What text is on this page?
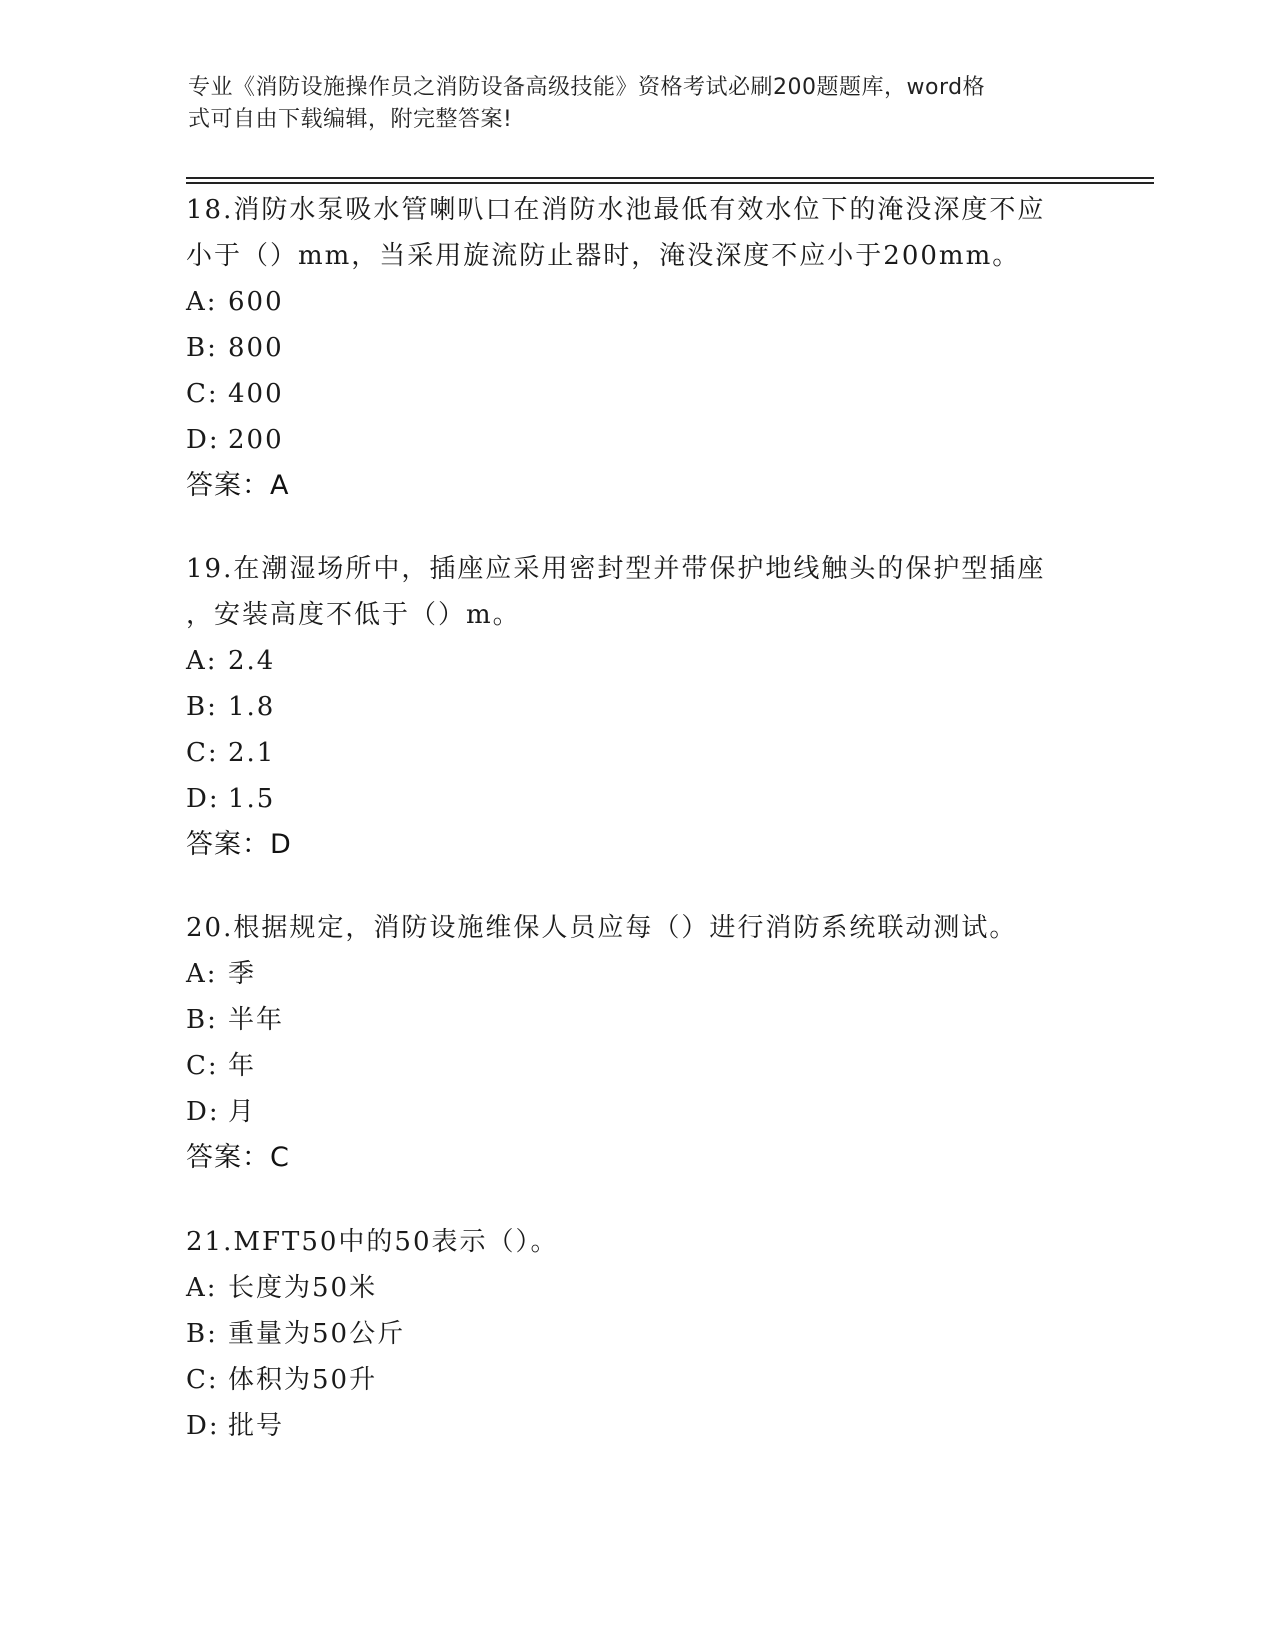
专业《消防设施操作员之消防设备高级技能》资格考试必刷200题题库，word格
式可自由下载编辑，附完整答案!
18.消防水泵吸水管喇叭口在消防水池最低有效水位下的淹没深度不应
小于（）mm，当采用旋流防止器时，淹没深度不应小于200mm。
A: 600
B: 800
C: 400
D: 200
答案：A
19.在潮湿场所中，插座应采用密封型并带保护地线触头的保护型插座
，安装高度不低于（）m。
A: 2.4
B: 1.8
C: 2.1
D: 1.5
答案：D
20.根据规定，消防设施维保人员应每（）进行消防系统联动测试。
A: 季
B: 半年
C: 年
D: 月
答案：C
21.MFT50中的50表示（）。
A: 长度为50米
B: 重量为50公斤
C: 体积为50升
D: 批号
